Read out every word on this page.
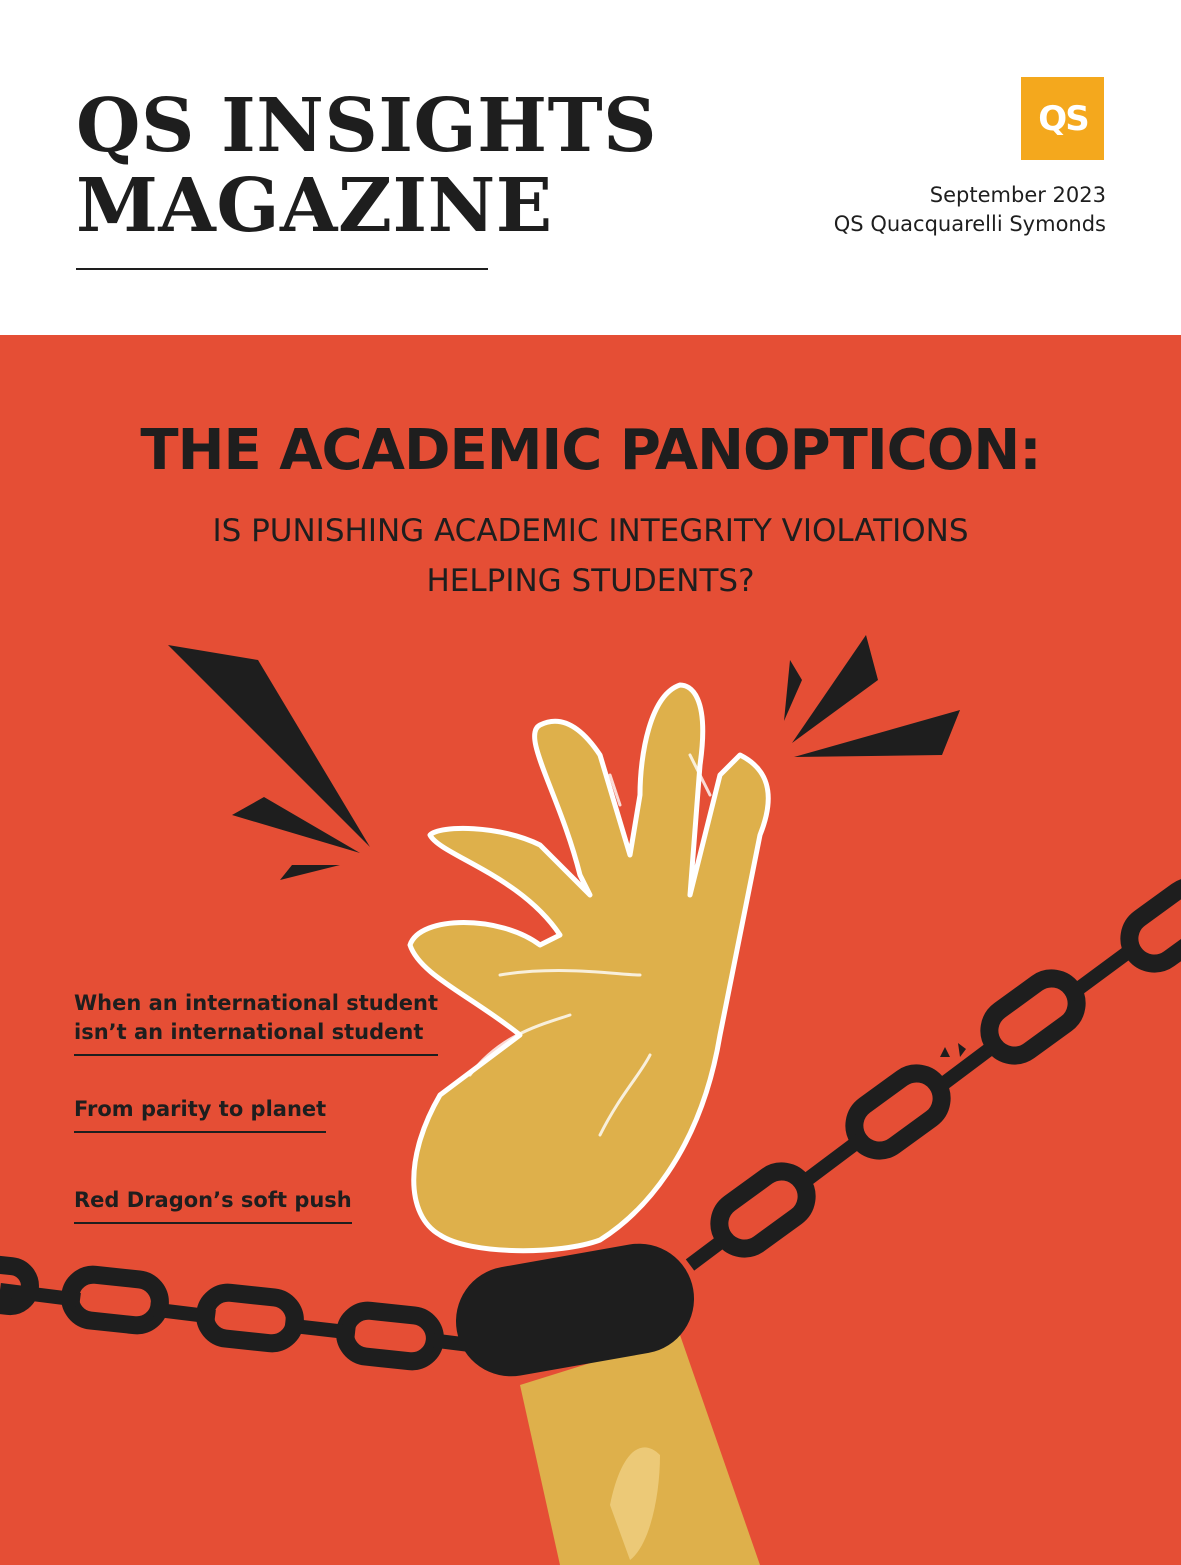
QS INSIGHTS
MAGAZINE
QS
September 2023
QS Quacquarelli Symonds
THE ACADEMIC PANOPTICON:

IS PUNISHING ACADEMIC INTEGRITY VIOLATIONS
HELPING STUDENTS?

When an international student
isn’t an international student
From parity to planet
Red Dragon’s soft push
